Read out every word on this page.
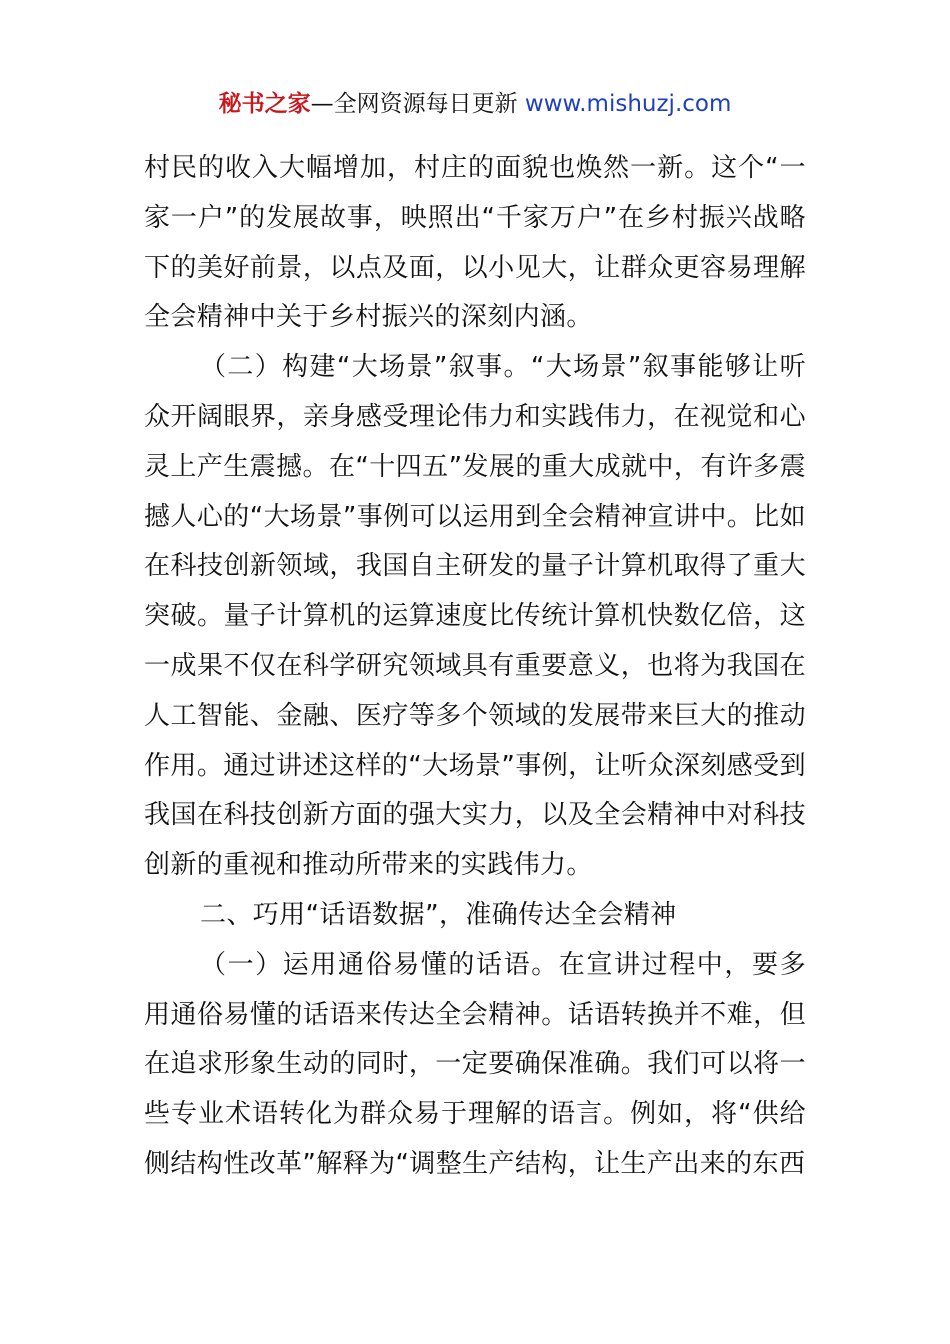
秘书之家—全网资源每日更新 www.mishuzj.com

村民的收入大幅增加，村庄的面貌也焕然一新。这个“一家一户”的发展故事，映照出“千家万户”在乡村振兴战略下的美好前景，以点及面，以小见大，让群众更容易理解全会精神中关于乡村振兴的深刻内涵。

（二）构建“大场景”叙事。“大场景”叙事能够让听众开阔眼界，亲身感受理论伟力和实践伟力，在视觉和心灵上产生震撼。在“十四五”发展的重大成就中，有许多震撼人心的“大场景”事例可以运用到全会精神宣讲中。比如在科技创新领域，我国自主研发的量子计算机取得了重大突破。量子计算机的运算速度比传统计算机快数亿倍，这一成果不仅在科学研究领域具有重要意义，也将为我国在人工智能、金融、医疗等多个领域的发展带来巨大的推动作用。通过讲述这样的“大场景”事例，让听众深刻感受到我国在科技创新方面的强大实力，以及全会精神中对科技创新的重视和推动所带来的实践伟力。

二、巧用“话语数据”，准确传达全会精神

（一）运用通俗易懂的话语。在宣讲过程中，要多用通俗易懂的话语来传达全会精神。话语转换并不难，但在追求形象生动的同时，一定要确保准确。我们可以将一些专业术语转化为群众易于理解的语言。例如，将“供给侧结构性改革”解释为“调整生产结构，让生产出来的东西
